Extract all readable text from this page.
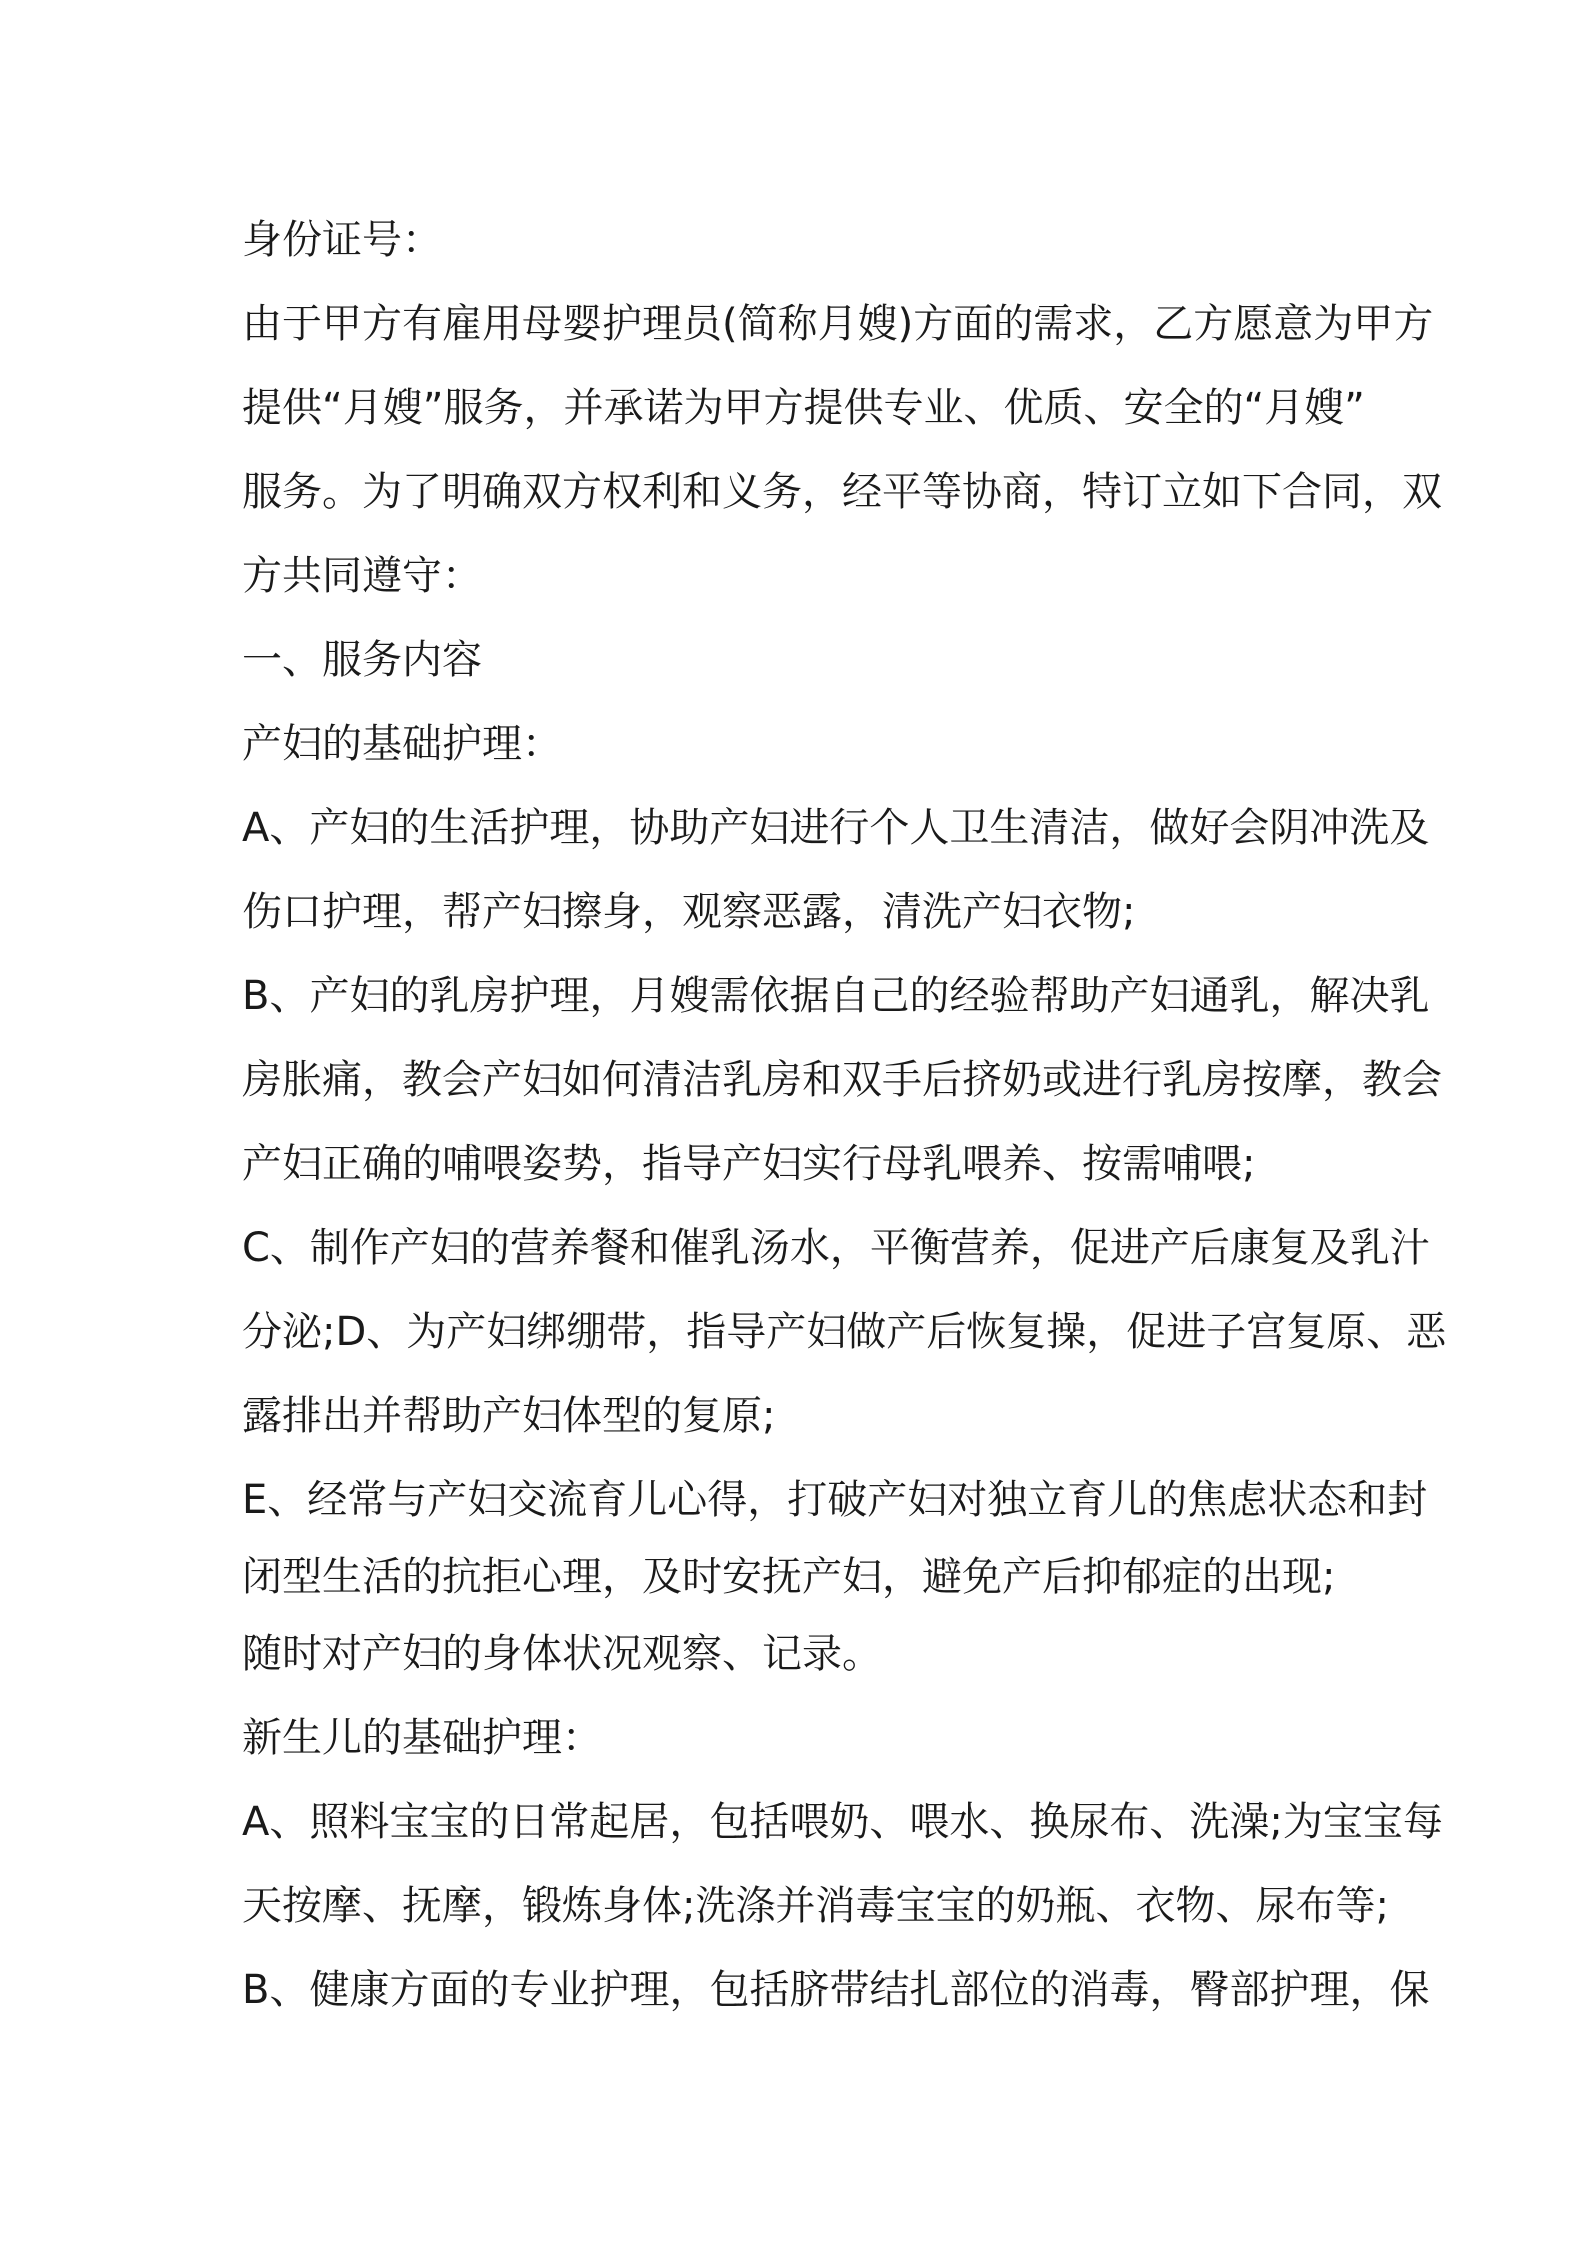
身份证号：

由于甲方有雇用母婴护理员(简称月嫂)方面的需求，乙方愿意为甲方

提供“月嫂”服务，并承诺为甲方提供专业、优质、安全的“月嫂”

服务。为了明确双方权利和义务，经平等协商，特订立如下合同，双

方共同遵守：

一、服务内容

产妇的基础护理：

A、产妇的生活护理，协助产妇进行个人卫生清洁，做好会阴冲洗及

伤口护理，帮产妇擦身，观察恶露，清洗产妇衣物;

B、产妇的乳房护理，月嫂需依据自己的经验帮助产妇通乳，解决乳

房胀痛，教会产妇如何清洁乳房和双手后挤奶或进行乳房按摩，教会

产妇正确的哺喂姿势，指导产妇实行母乳喂养、按需哺喂;

C、制作产妇的营养餐和催乳汤水，平衡营养，促进产后康复及乳汁

分泌;D、为产妇绑绷带，指导产妇做产后恢复操，促进子宫复原、恶

露排出并帮助产妇体型的复原;

E、经常与产妇交流育儿心得，打破产妇对独立育儿的焦虑状态和封

闭型生活的抗拒心理，及时安抚产妇，避免产后抑郁症的出现;

随时对产妇的身体状况观察、记录。

新生儿的基础护理：

A、照料宝宝的日常起居，包括喂奶、喂水、换尿布、洗澡;为宝宝每

天按摩、抚摩，锻炼身体;洗涤并消毒宝宝的奶瓶、衣物、尿布等;

B、健康方面的专业护理，包括脐带结扎部位的消毒，臀部护理，保
